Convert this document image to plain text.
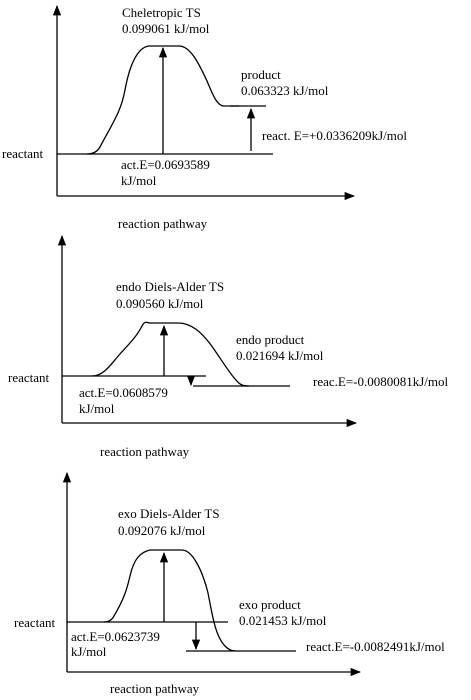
Cheletropic TS
0.099061 kJ/mol
product
0.063323 kJ/mol
react. E=+0.0336209kJ/mol
reactant
act.E=0.0693589
kJ/mol
reaction pathway
endo Diels-Alder TS
0.090560 kJ/mol
endo product
0.021694 kJ/mol
reac.E=-0.0080081kJ/mol
reactant
act.E=0.0608579
kJ/mol
reaction pathway
exo Diels-Alder TS
0.092076 kJ/mol
exo product
0.021453 kJ/mol
react.E=-0.0082491kJ/mol
reactant
act.E=0.0623739
kJ/mol
reaction pathway
